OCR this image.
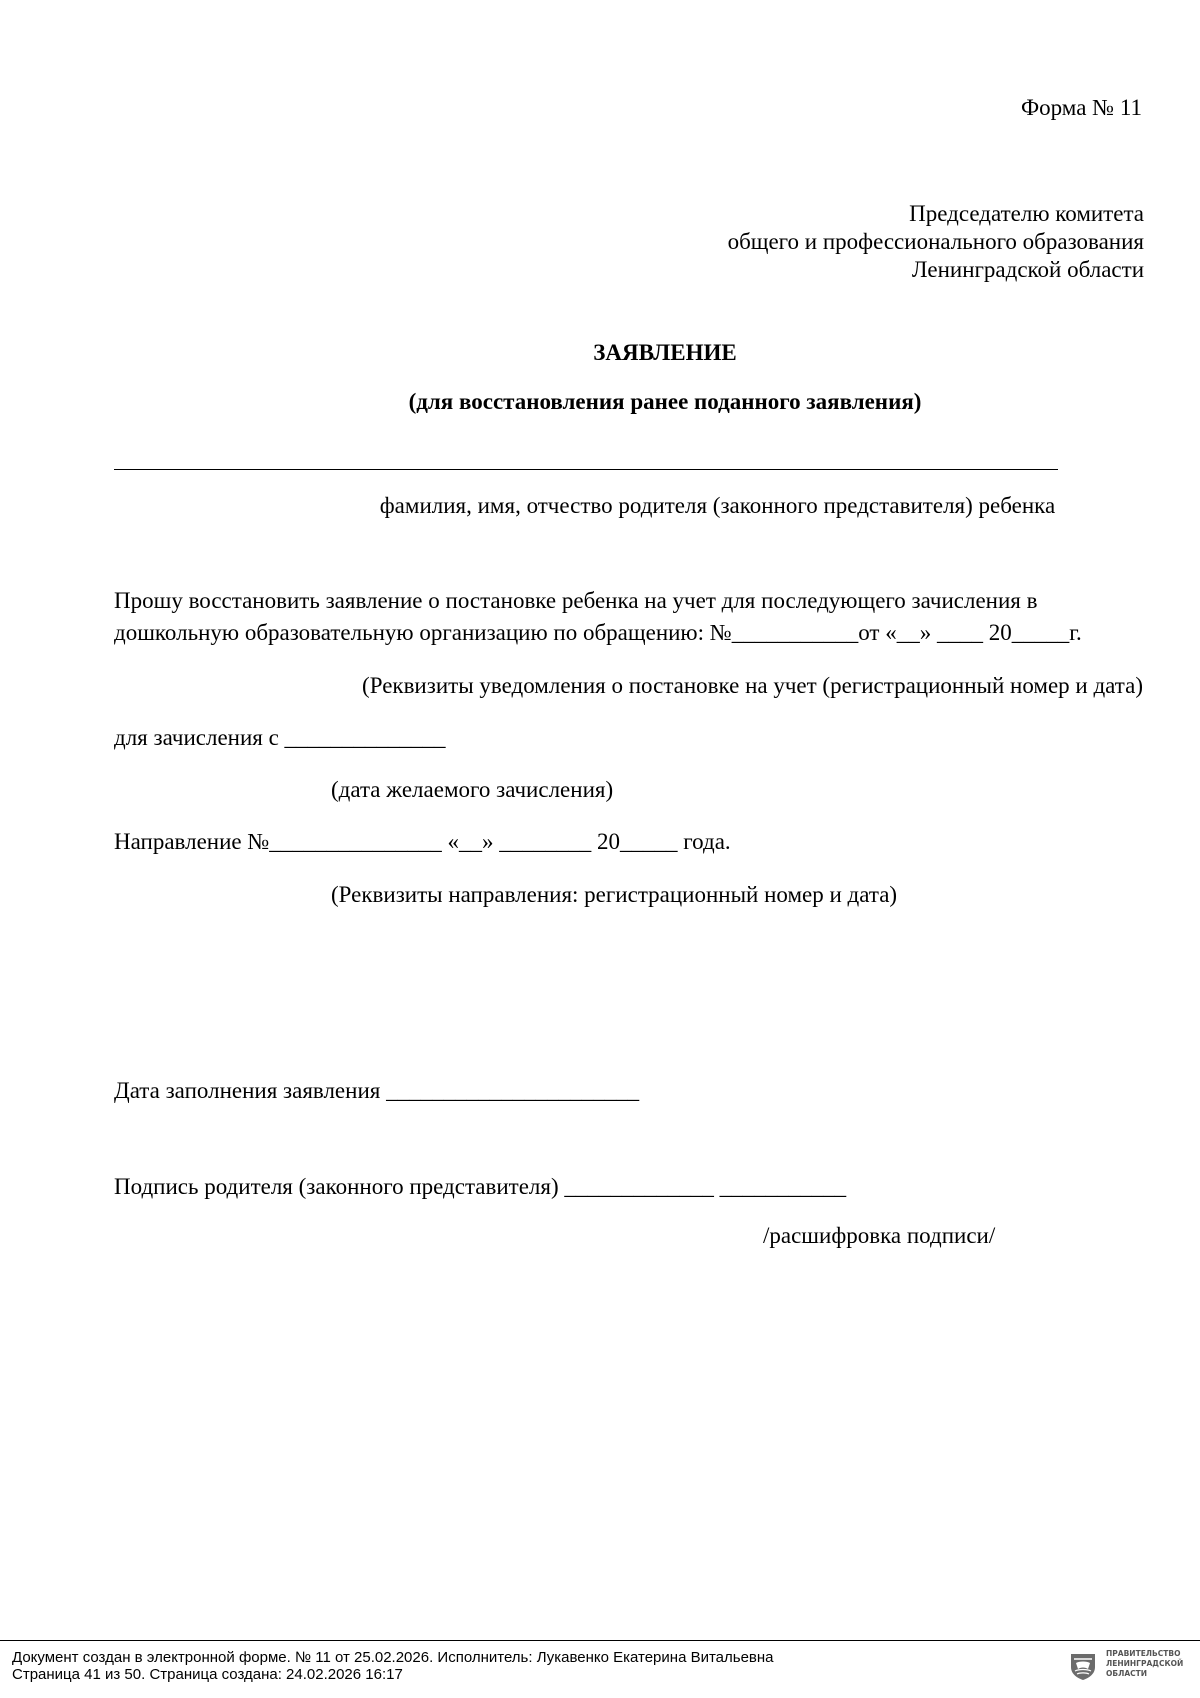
Форма № 11
Председателю комитета
общего и профессионального образования
Ленинградской области
ЗАЯВЛЕНИЕ
(для восстановления ранее поданного заявления)
фамилия, имя, отчество родителя (законного представителя) ребенка
Прошу восстановить заявление о постановке ребенка на учет для последующего зачисления в
дошкольную образовательную организацию по обращению: №___________от «__» ____ 20_____г.
(Реквизиты уведомления о постановке на учет (регистрационный номер и дата)
для зачисления с ______________
(дата желаемого зачисления)
Направление №_______________ «__» ________ 20_____ года.
(Реквизиты направления: регистрационный номер и дата)
Дата заполнения заявления ______________________
Подпись родителя (законного представителя) _____________ ___________
/расшифровка подписи/
Документ создан в электронной форме. № 11 от 25.02.2026. Исполнитель: Лукавенко Екатерина Витальевна
Страница 41 из 50. Страница создана: 24.02.2026 16:17
ПРАВИТЕЛЬСТВО
ЛЕНИНГРАДСКОЙ
ОБЛАСТИ
